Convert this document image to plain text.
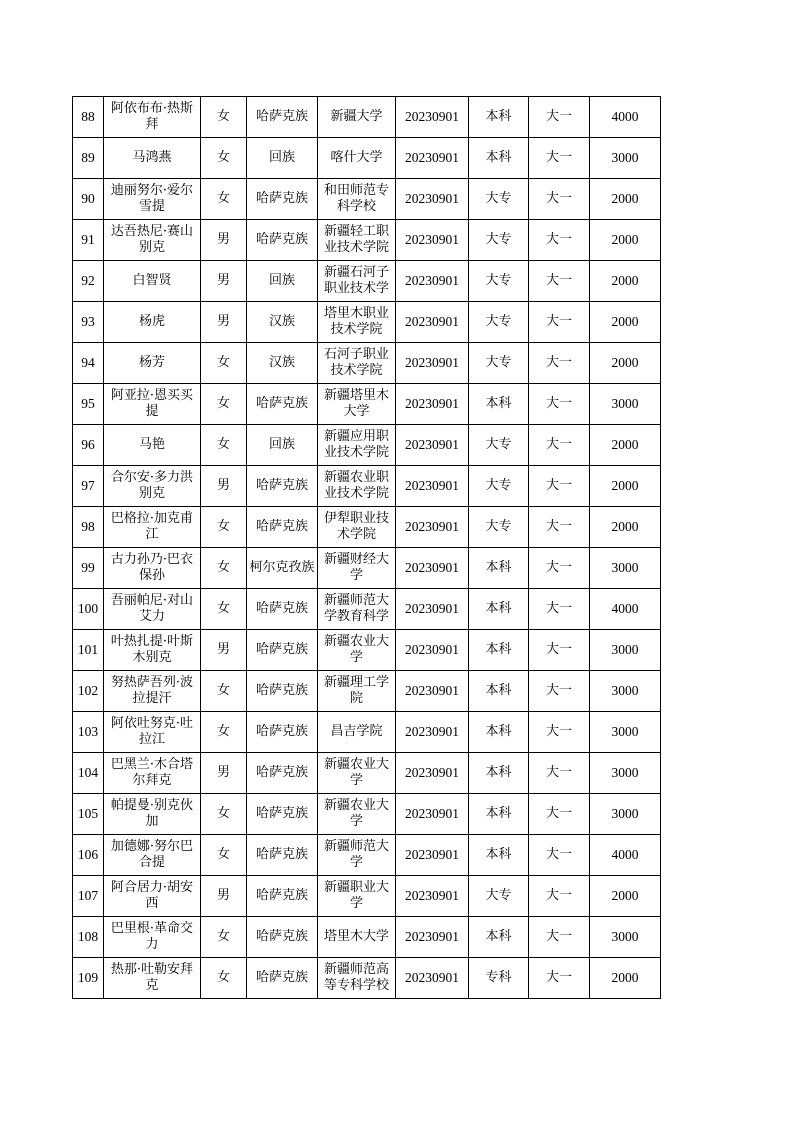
88	阿依布布·热斯拜	女	哈萨克族	新疆大学	20230901	本科	大一	4000

89	马鸿燕	女	回族	喀什大学	20230901	本科	大一	3000

90	迪丽努尔·爱尔雪提	女	哈萨克族	和田师范专科学校	20230901	大专	大一	2000

91	达吾热尼·赛山别克	男	哈萨克族	新疆轻工职业技术学院	20230901	大专	大一	2000

92	白智贤	男	回族	新疆石河子职业技术学	20230901	大专	大一	2000

93	杨虎	男	汉族	塔里木职业技术学院	20230901	大专	大一	2000

94	杨芳	女	汉族	石河子职业技术学院	20230901	大专	大一	2000

95	阿亚拉·恩买买提	女	哈萨克族	新疆塔里木大学	20230901	本科	大一	3000

96	马艳	女	回族	新疆应用职业技术学院	20230901	大专	大一	2000

97	合尔安·多力洪别克	男	哈萨克族	新疆农业职业技术学院	20230901	大专	大一	2000

98	巴格拉·加克甫江	女	哈萨克族	伊犁职业技术学院	20230901	大专	大一	2000

99	古力孙乃·巴衣保孙	女	柯尔克孜族	新疆财经大学	20230901	本科	大一	3000

100	吾丽帕尼·对山艾力	女	哈萨克族	新疆师范大学教育科学	20230901	本科	大一	4000

101	叶热扎提·叶斯木别克	男	哈萨克族	新疆农业大学	20230901	本科	大一	3000

102	努热萨吾列·波拉提汗	女	哈萨克族	新疆理工学院	20230901	本科	大一	3000

103	阿依吐努克·吐拉江	女	哈萨克族	昌吉学院	20230901	本科	大一	3000

104	巴黑兰·木合塔尔拜克	男	哈萨克族	新疆农业大学	20230901	本科	大一	3000

105	帕提曼·别克伙加	女	哈萨克族	新疆农业大学	20230901	本科	大一	3000

106	加德娜·努尔巴合提	女	哈萨克族	新疆师范大学	20230901	本科	大一	4000

107	阿合居力·胡安西	男	哈萨克族	新疆职业大学	20230901	大专	大一	2000

108	巴里根·革命交力	女	哈萨克族	塔里木大学	20230901	本科	大一	3000

109	热那·吐勒安拜克	女	哈萨克族	新疆师范高等专科学校	20230901	专科	大一	2000
